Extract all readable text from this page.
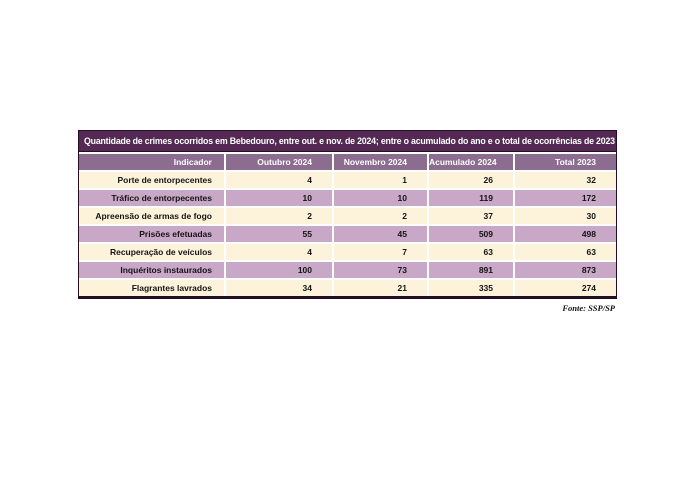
Quantidade de crimes ocorridos em Bebedouro, entre out. e nov. de 2024; entre o acumulado do ano e o total de ocorrências de 2023
Indicador	Outubro 2024	Novembro 2024	Acumulado 2024	Total 2023
Porte de entorpecentes	4	1	26	32
Tráfico de entorpecentes	10	10	119	172
Apreensão de armas de fogo	2	2	37	30
Prisões efetuadas	55	45	509	498
Recuperação de veículos	4	7	63	63
Inquéritos instaurados	100	73	891	873
Flagrantes lavrados	34	21	335	274
Fonte: SSP/SP
